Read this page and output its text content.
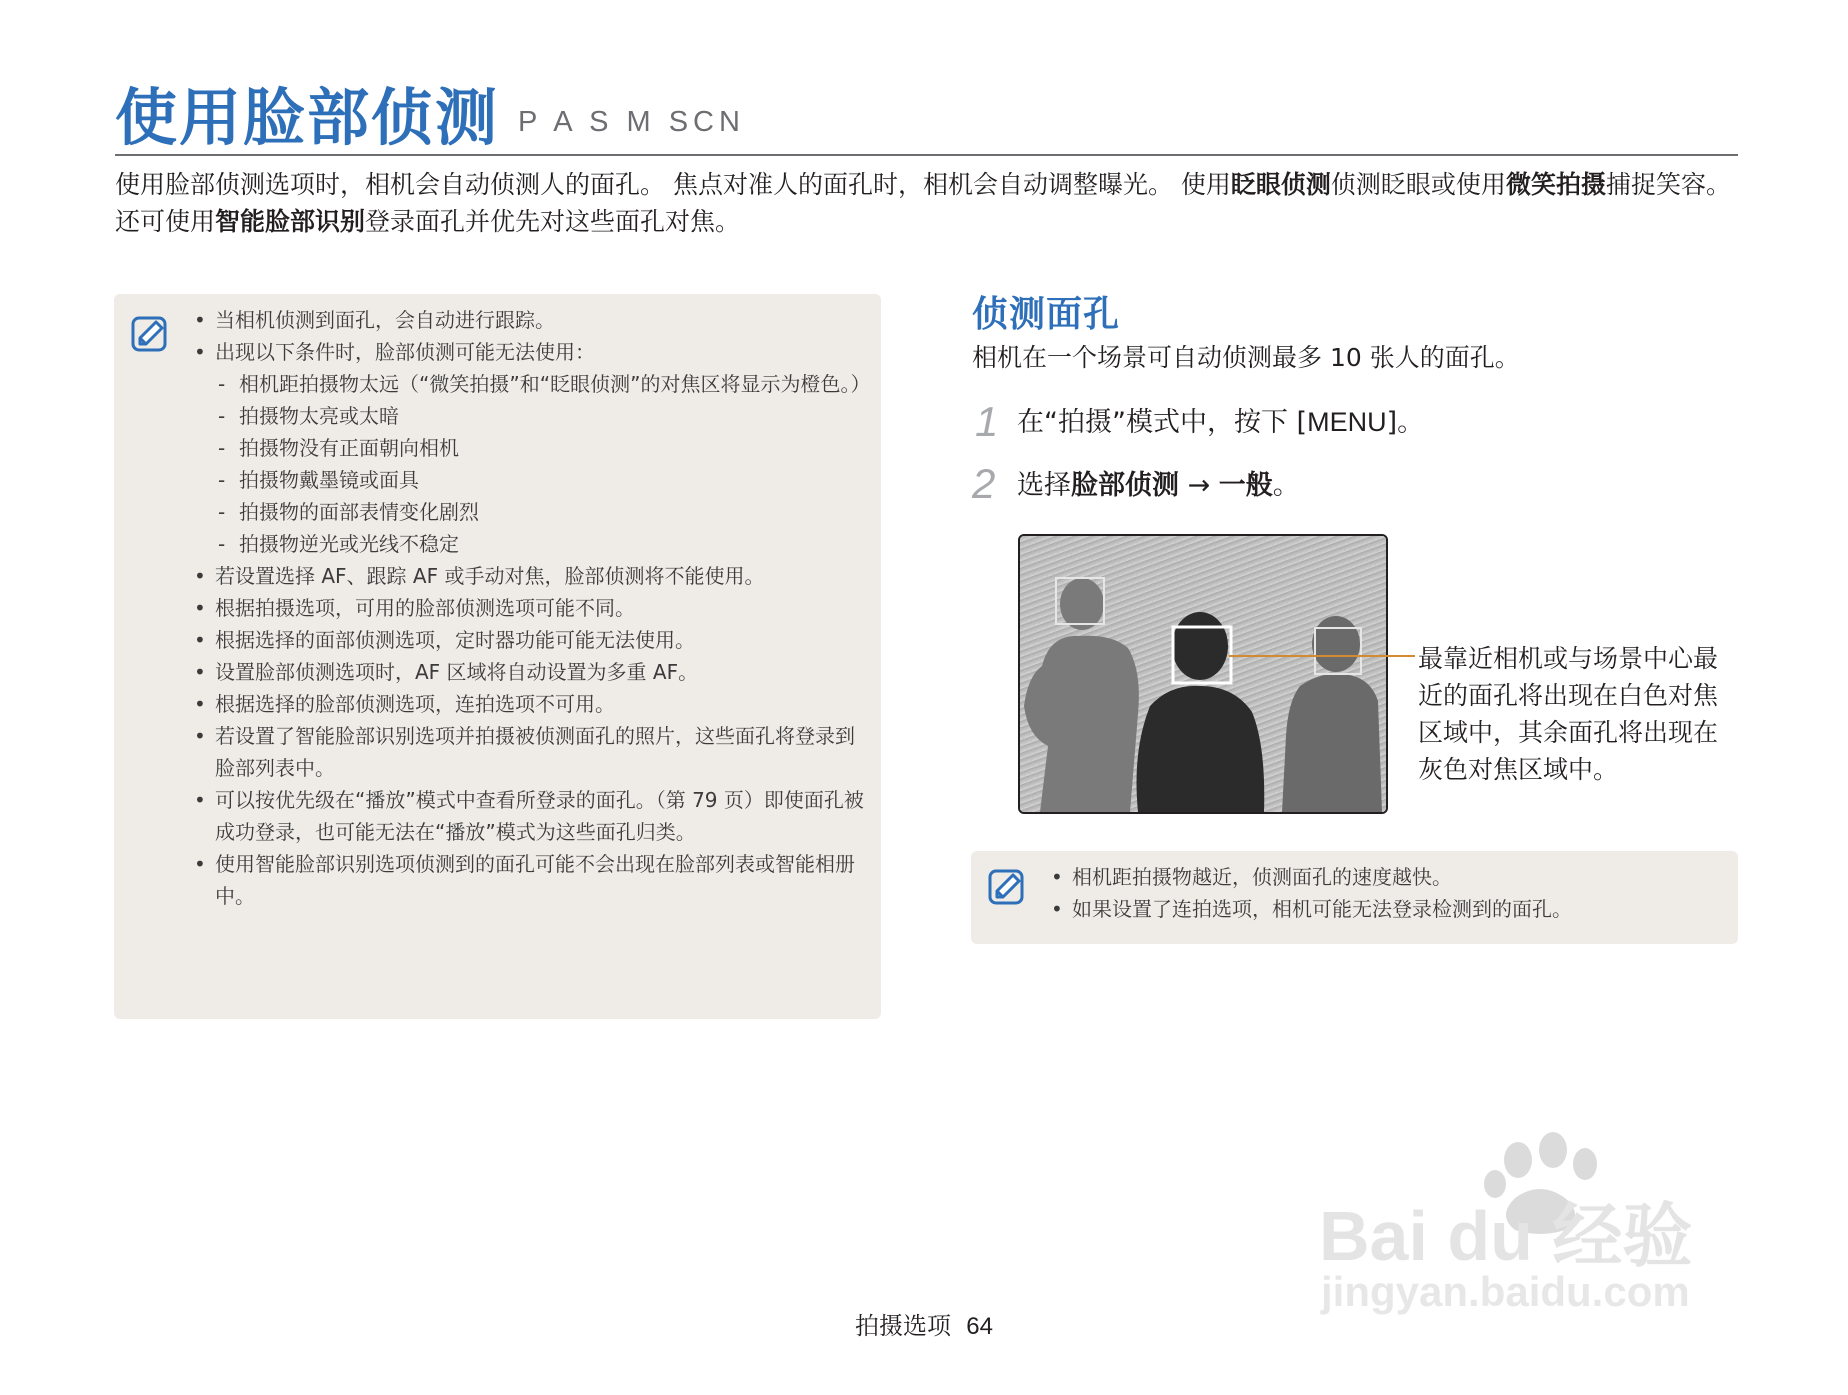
使用脸部侦测 P A S M SCN
使用脸部侦测选项时，相机会自动侦测人的面孔。 焦点对准人的面孔时，相机会自动调整曝光。 使用眨眼侦测侦测眨眼或使用微笑拍摄捕捉笑容。 还可使用智能脸部识别登录面孔并优先对这些面孔对焦。
• 当相机侦测到面孔，会自动进行跟踪。
• 出现以下条件时，脸部侦测可能无法使用：
- 相机距拍摄物太远（“微笑拍摄”和“眨眼侦测”的对焦区将显示为橙色。）
- 拍摄物太亮或太暗
- 拍摄物没有正面朝向相机
- 拍摄物戴墨镜或面具
- 拍摄物的面部表情变化剧烈
- 拍摄物逆光或光线不稳定
• 若设置选择 AF、跟踪 AF 或手动对焦，脸部侦测将不能使用。
• 根据拍摄选项，可用的脸部侦测选项可能不同。
• 根据选择的面部侦测选项，定时器功能可能无法使用。
• 设置脸部侦测选项时，AF 区域将自动设置为多重 AF。
• 根据选择的脸部侦测选项，连拍选项不可用。
• 若设置了智能脸部识别选项并拍摄被侦测面孔的照片，这些面孔将登录到脸部列表中。
• 可以按优先级在“播放”模式中查看所登录的面孔。（第 79 页）即使面孔被成功登录，也可能无法在“播放”模式为这些面孔归类。
• 使用智能脸部识别选项侦测到的面孔可能不会出现在脸部列表或智能相册中。
侦测面孔
相机在一个场景可自动侦测最多 10 张人的面孔。
1 在“拍摄”模式中，按下 [MENU]。
2 选择脸部侦测 → 一般。
最靠近相机或与场景中心最近的面孔将出现在白色对焦区域中，其余面孔将出现在灰色对焦区域中。
• 相机距拍摄物越近，侦测面孔的速度越快。
• 如果设置了连拍选项，相机可能无法登录检测到的面孔。
拍摄选项 64
Bai du 经验
jingyan.baidu.com
